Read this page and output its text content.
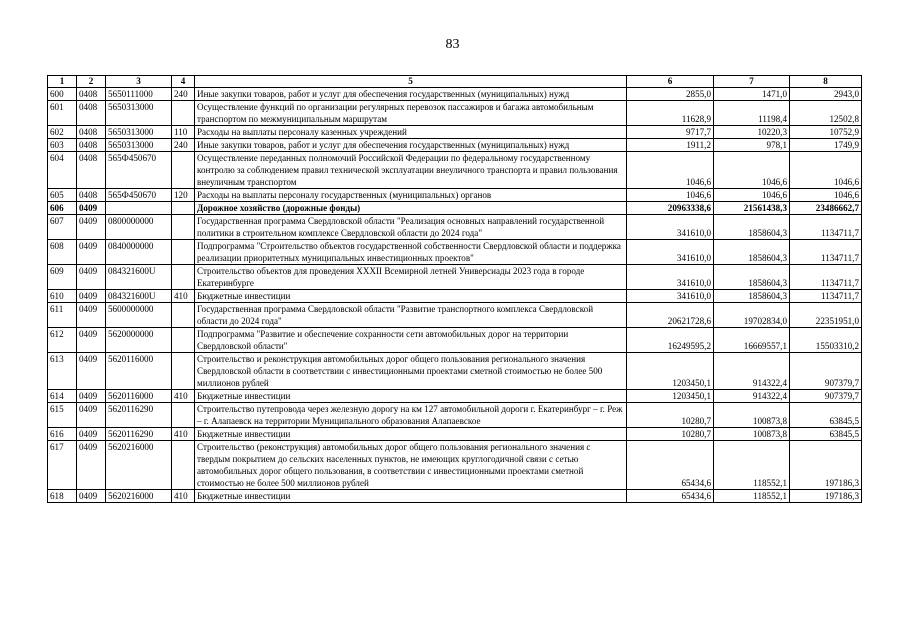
83
1	2	3	4	5	6	7	8
600	0408	5650111000	240	Иные закупки товаров, работ и услуг для обеспечения государственных (муниципальных) нужд	2855,0	1471,0	2943,0
601	0408	5650313000		Осуществление функций по организации регулярных перевозок пассажиров и багажа автомобильным транспортом по межмуниципальным маршрутам	11628,9	11198,4	12502,8
602	0408	5650313000	110	Расходы на выплаты персоналу казенных учреждений	9717,7	10220,3	10752,9
603	0408	5650313000	240	Иные закупки товаров, работ и услуг для обеспечения государственных (муниципальных) нужд	1911,2	978,1	1749,9
604	0408	565Ф450670		Осуществление переданных полномочий Российской Федерации по федеральному государственному контролю за соблюдением правил технической эксплуатации внеуличного транспорта и правил пользования внеуличным транспортом	1046,6	1046,6	1046,6
605	0408	565Ф450670	120	Расходы на выплаты персоналу государственных (муниципальных) органов	1046,6	1046,6	1046,6
606	0409			Дорожное хозяйство (дорожные фонды)	20963338,6	21561438,3	23486662,7
607	0409	0800000000		Государственная программа Свердловской области "Реализация основных направлений государственной политики в строительном комплексе Свердловской области до 2024 года"	341610,0	1858604,3	1134711,7
608	0409	0840000000		Подпрограмма "Строительство объектов государственной собственности Свердловской области и поддержка реализации приоритетных муниципальных инвестиционных проектов"	341610,0	1858604,3	1134711,7
609	0409	084321600U		Строительство объектов для проведения XXXII Всемирной летней Универсиады 2023 года в городе Екатеринбурге	341610,0	1858604,3	1134711,7
610	0409	084321600U	410	Бюджетные инвестиции	341610,0	1858604,3	1134711,7
611	0409	5600000000		Государственная программа Свердловской области "Развитие транспортного комплекса Свердловской области до 2024 года"	20621728,6	19702834,0	22351951,0
612	0409	5620000000		Подпрограмма "Развитие и обеспечение сохранности сети автомобильных дорог на территории Свердловской области"	16249595,2	16669557,1	15503310,2
613	0409	5620116000		Строительство и реконструкция автомобильных дорог общего пользования регионального значения Свердловской области в соответствии с инвестиционными проектами сметной стоимостью не более 500 миллионов рублей	1203450,1	914322,4	907379,7
614	0409	5620116000	410	Бюджетные инвестиции	1203450,1	914322,4	907379,7
615	0409	5620116290		Строительство путепровода через железную дорогу на км 127 автомобильной дороги г. Екатеринбург – г. Реж – г. Алапаевск на территории Муниципального образования Алапаевское	10280,7	100873,8	63845,5
616	0409	5620116290	410	Бюджетные инвестиции	10280,7	100873,8	63845,5
617	0409	5620216000		Строительство (реконструкция) автомобильных дорог общего пользования регионального значения с твердым покрытием до сельских населенных пунктов, не имеющих круглогодичной связи с сетью автомобильных дорог общего пользования, в соответствии с инвестиционными проектами сметной стоимостью не более 500 миллионов рублей	65434,6	118552,1	197186,3
618	0409	5620216000	410	Бюджетные инвестиции	65434,6	118552,1	197186,3
